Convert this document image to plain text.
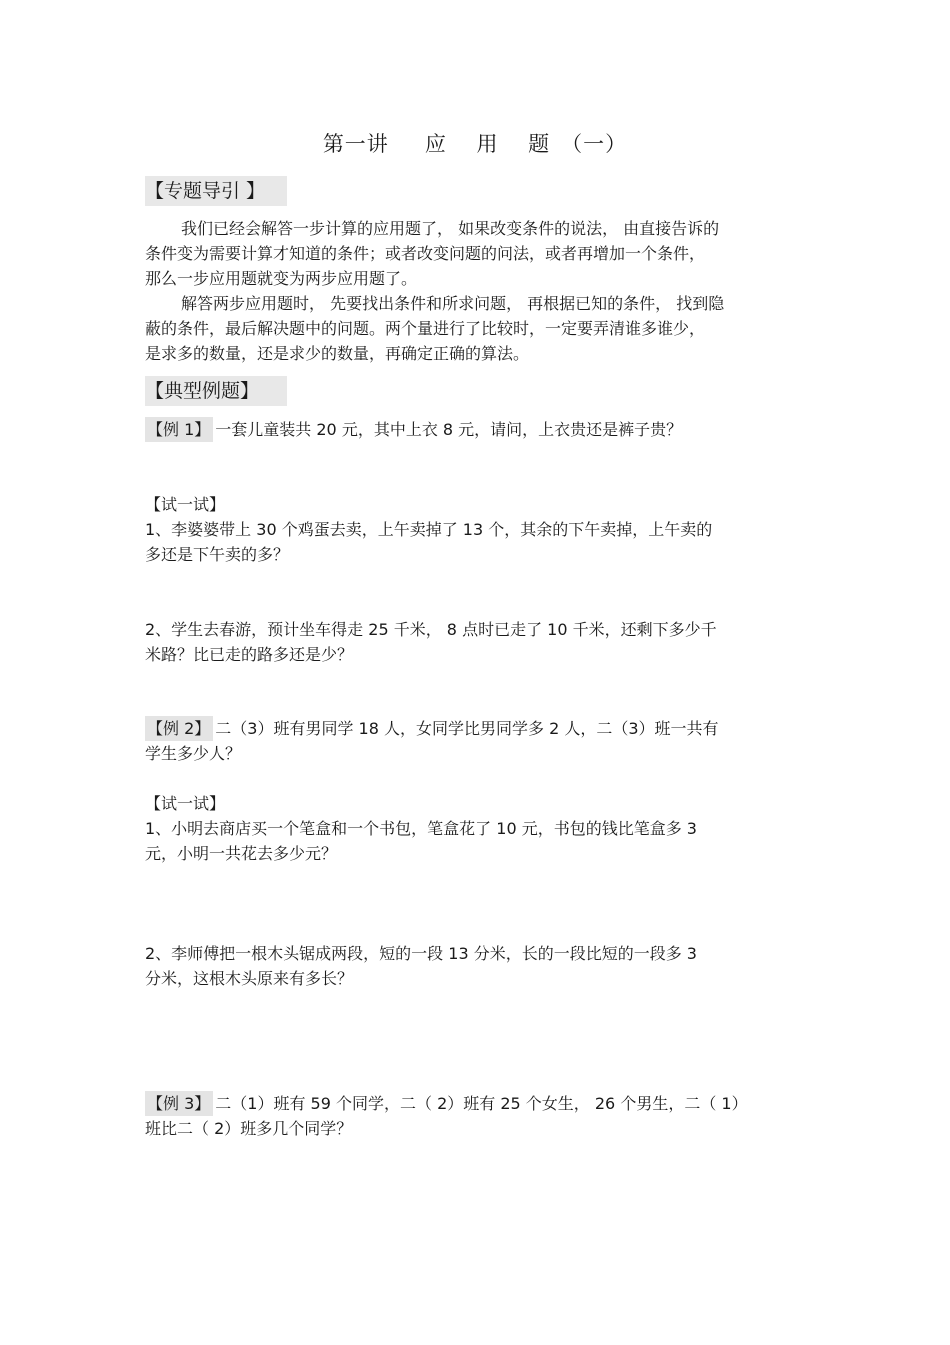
第一讲 应 用 题（一）
【专题导引 】
我们已经会解答一步计算的应用题了， 如果改变条件的说法， 由直接告诉的
条件变为需要计算才知道的条件；或者改变问题的问法，或者再增加一个条件，
那么一步应用题就变为两步应用题了。
解答两步应用题时， 先要找出条件和所求问题， 再根据已知的条件， 找到隐
蔽的条件，最后解决题中的问题。两个量进行了比较时，一定要弄清谁多谁少，
是求多的数量，还是求少的数量，再确定正确的算法。
【典型例题】
【例 1】 一套儿童装共 20 元，其中上衣 8 元，请问，上衣贵还是裤子贵？
【试一试】
1、李婆婆带上 30 个鸡蛋去卖，上午卖掉了 13 个，其余的下午卖掉，上午卖的
多还是下午卖的多？
2、学生去春游，预计坐车得走 25 千米， 8 点时已走了 10 千米，还剩下多少千
米路？比已走的路多还是少？
【例 2】 二（3）班有男同学 18 人，女同学比男同学多 2 人，二（3）班一共有
学生多少人？
【试一试】
1、小明去商店买一个笔盒和一个书包，笔盒花了 10 元，书包的钱比笔盒多 3
元，小明一共花去多少元？
2、李师傅把一根木头锯成两段，短的一段 13 分米，长的一段比短的一段多 3
分米，这根木头原来有多长？
【例 3】 二（1）班有 59 个同学，二（ 2）班有 25 个女生， 26 个男生，二（ 1）
班比二（ 2）班多几个同学？
